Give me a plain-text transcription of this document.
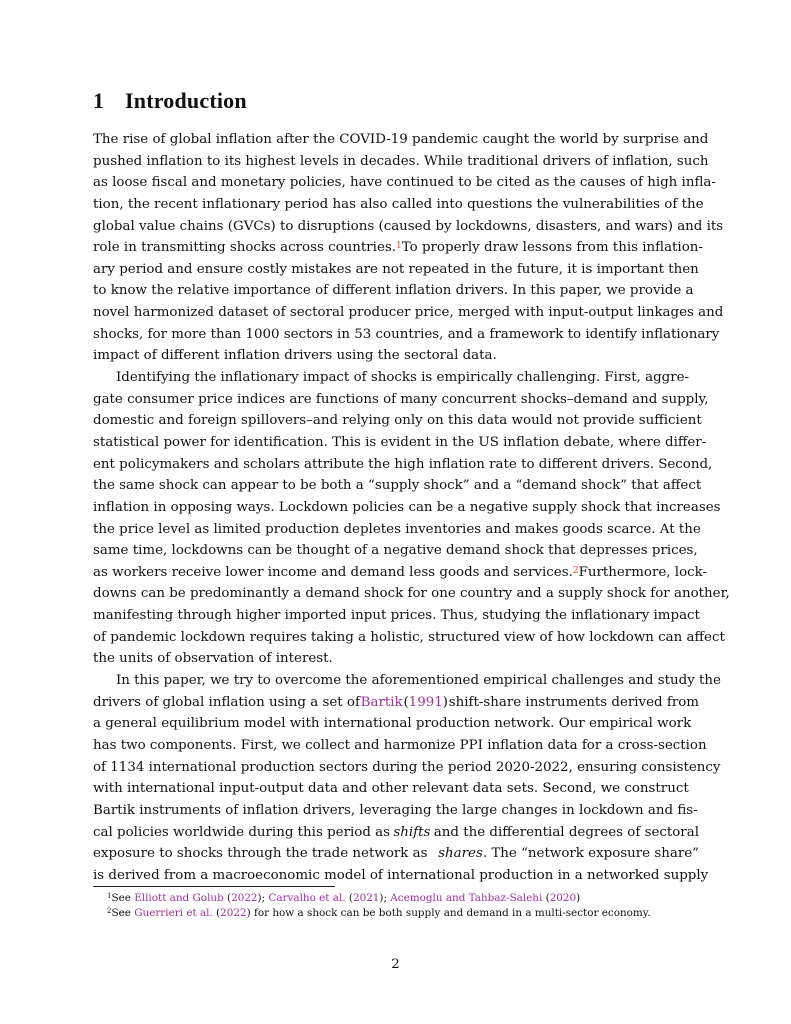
1 Introduction
The rise of global inflation after the COVID-19 pandemic caught the world by surprise and
pushed inflation to its highest levels in decades. While traditional drivers of inflation, such
as loose fiscal and monetary policies, have continued to be cited as the causes of high infla-
tion, the recent inflationary period has also called into questions the vulnerabilities of the
global value chains (GVCs) to disruptions (caused by lockdowns, disasters, and wars) and its
role in transmitting shocks across countries.$^1$ To properly draw lessons from this inflation-
ary period and ensure costly mistakes are not repeated in the future, it is important then
to know the relative importance of different inflation drivers. In this paper, we provide a
novel harmonized dataset of sectoral producer price, merged with input-output linkages and
shocks, for more than 1000 sectors in 53 countries, and a framework to identify inflationary
impact of different inflation drivers using the sectoral data.
Identifying the inflationary impact of shocks is empirically challenging. First, aggre-
gate consumer price indices are functions of many concurrent shocks–demand and supply,
domestic and foreign spillovers–and relying only on this data would not provide sufficient
statistical power for identification. This is evident in the US inflation debate, where differ-
ent policymakers and scholars attribute the high inflation rate to different drivers. Second,
the same shock can appear to be both a “supply shock” and a “demand shock” that affect
inflation in opposing ways. Lockdown policies can be a negative supply shock that increases
the price level as limited production depletes inventories and makes goods scarce. At the
same time, lockdowns can be thought of a negative demand shock that depresses prices,
as workers receive lower income and demand less goods and services.$^2$ Furthermore, lock-
downs can be predominantly a demand shock for one country and a supply shock for another,
manifesting through higher imported input prices. Thus, studying the inflationary impact
of pandemic lockdown requires taking a holistic, structured view of how lockdown can affect
the units of observation of interest.
In this paper, we try to overcome the aforementioned empirical challenges and study the
drivers of global inflation using a set of Bartik (1991) shift-share instruments derived from
a general equilibrium model with international production network. Our empirical work
has two components. First, we collect and harmonize PPI inflation data for a cross-section
of 1134 international production sectors during the period 2020-2022, ensuring consistency
with international input-output data and other relevant data sets. Second, we construct
Bartik instruments of inflation drivers, leveraging the large changes in lockdown and fis-
cal policies worldwide during this period as shifts and the differential degrees of sectoral
exposure to shocks through the trade network as shares. The “network exposure share”
is derived from a macroeconomic model of international production in a networked supply
$^1$See Elliott and Golub (2022); Carvalho et al. (2021); Acemoglu and Tahbaz-Salehi (2020)
$^2$See Guerrieri et al. (2022) for how a shock can be both supply and demand in a multi-sector economy.
2
